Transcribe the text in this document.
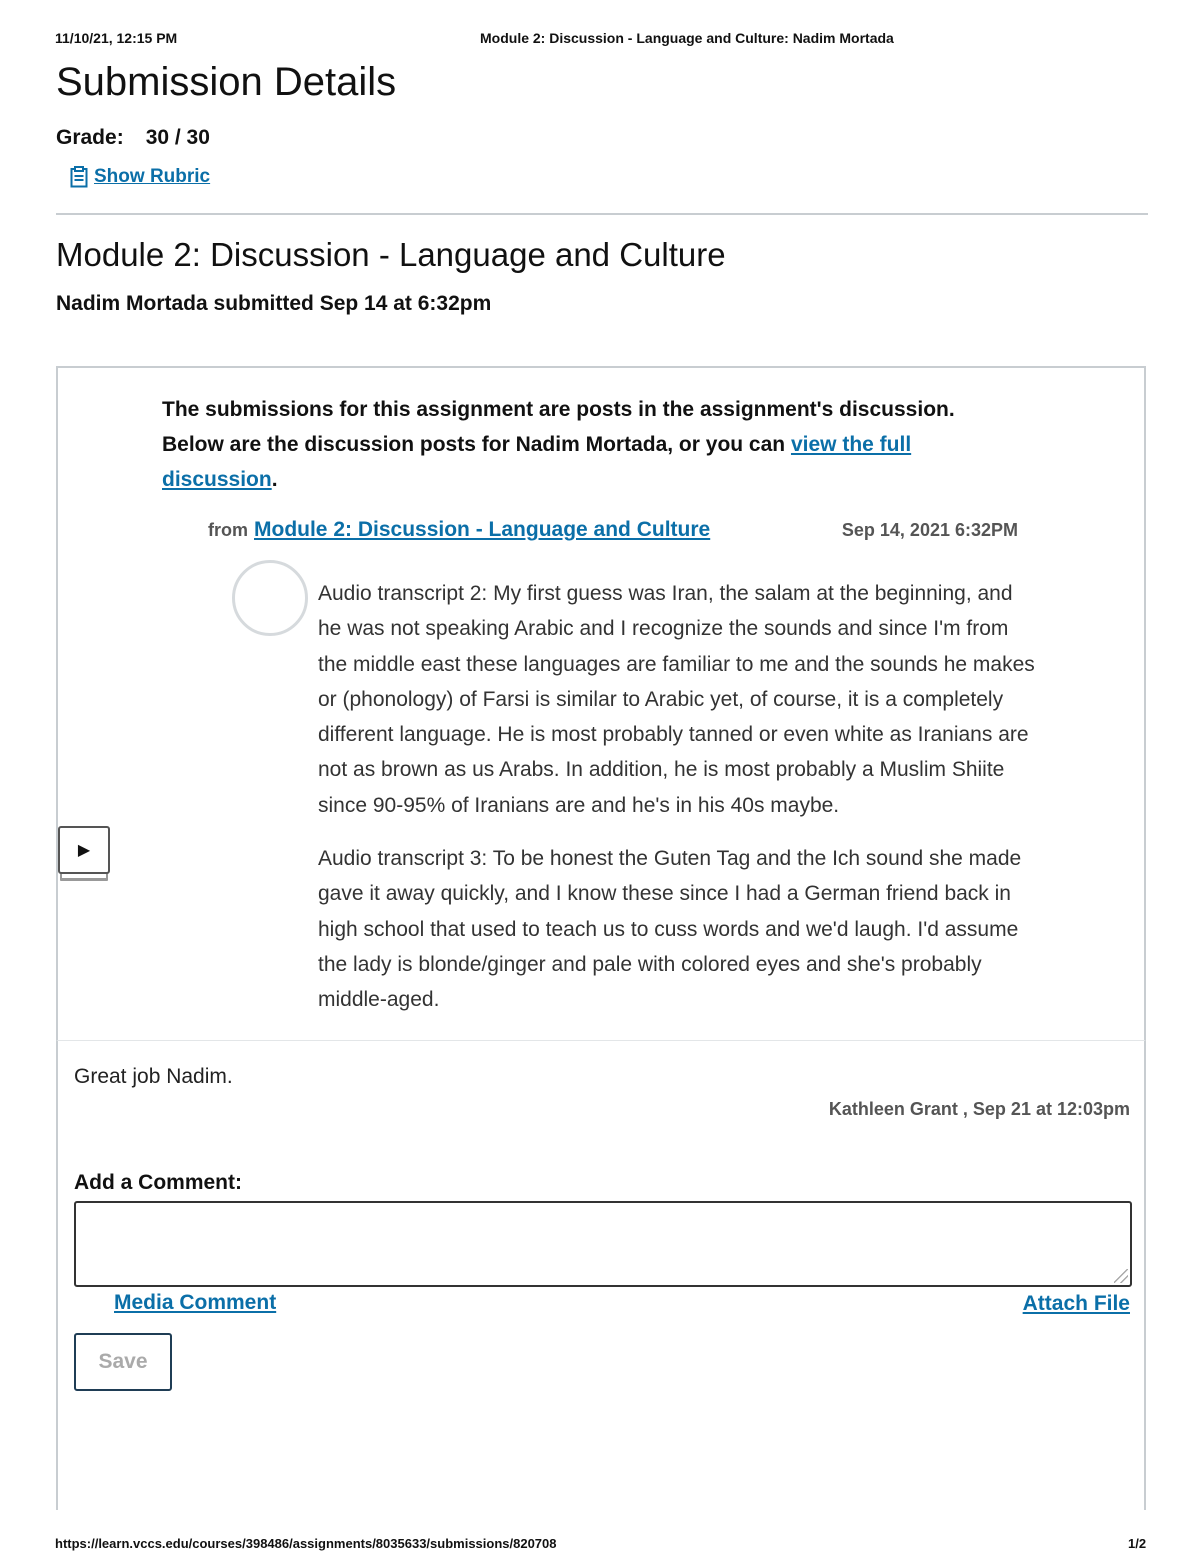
11/10/21, 12:15 PM	Module 2: Discussion - Language and Culture: Nadim Mortada
Submission Details
Grade: 30 / 30
Show Rubric
Module 2: Discussion - Language and Culture
Nadim Mortada submitted Sep 14 at 6:32pm
The submissions for this assignment are posts in the assignment's discussion. Below are the discussion posts for Nadim Mortada, or you can view the full discussion.
from Module 2: Discussion - Language and Culture	Sep 14, 2021 6:32PM

Audio transcript 2: My first guess was Iran, the salam at the beginning, and he was not speaking Arabic and I recognize the sounds and since I'm from the middle east these languages are familiar to me and the sounds he makes or (phonology) of Farsi is similar to Arabic yet, of course, it is a completely different language. He is most probably tanned or even white as Iranians are not as brown as us Arabs. In addition, he is most probably a Muslim Shiite since 90-95% of Iranians are and he's in his 40s maybe.

Audio transcript 3: To be honest the Guten Tag and the Ich sound she made gave it away quickly, and I know these since I had a German friend back in high school that used to teach us to cuss words and we'd laugh. I'd assume the lady is blonde/ginger and pale with colored eyes and she's probably middle-aged.

▶
Great job Nadim.
Kathleen Grant , Sep 21 at 12:03pm
Add a Comment:
Media Comment	Attach File
Save
https://learn.vccs.edu/courses/398486/assignments/8035633/submissions/820708	1/2
